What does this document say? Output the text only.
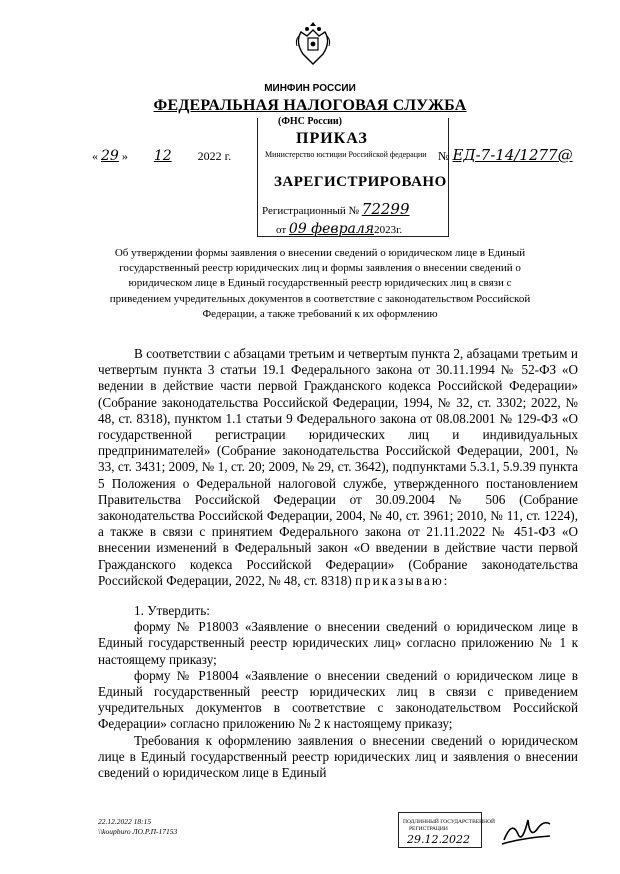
МИНФИН РОССИИ
ФЕДЕРАЛЬНАЯ НАЛОГОВАЯ СЛУЖБА
(ФНС России)
ПРИКАЗ
« 29 » 12 2022 г.	№ ЕД-7-14/1277@
Министерство юстиции Российской федерации
ЗАРЕГИСТРИРОВАНО
Регистрационный № 72299
от 09 февраля2023г.
Об утверждении формы заявления о внесении сведений о юридическом лице в Единый государственный реестр юридических лиц и формы заявления о внесении сведений о юридическом лице в Единый государственный реестр юридических лиц в связи с приведением учредительных документов в соответствие с законодательством Российской Федерации, а также требований к их оформлению

В соответствии с абзацами третьим и четвертым пункта 2, абзацами третьим и четвертым пункта 3 статьи 19.1 Федерального закона от 30.11.1994 № 52-ФЗ «О ведении в действие части первой Гражданского кодекса Российской Федерации» (Собрание законодательства Российской Федерации, 1994, № 32, ст. 3302; 2022, № 48, ст. 8318), пунктом 1.1 статьи 9 Федерального закона от 08.08.2001 № 129-ФЗ «О государственной регистрации юридических лиц и индивидуальных предпринимателей» (Собрание законодательства Российской Федерации, 2001, № 33, ст. 3431; 2009, № 1, ст. 20; 2009, № 29, ст. 3642), подпунктами 5.3.1, 5.9.39 пункта 5 Положения о Федеральной налоговой службе, утвержденного постановлением Правительства Российской Федерации от 30.09.2004 № 506 (Собрание законодательства Российской Федерации, 2004, № 40, ст. 3961; 2010, № 11, ст. 1224), а также в связи с принятием Федерального закона от 21.11.2022 № 451-ФЗ «О внесении изменений в Федеральный закон «О введении в действие части первой Гражданского кодекса Российской Федерации» (Собрание законодательства Российской Федерации, 2022, № 48, ст. 8318) приказываю:

1. Утвердить:

форму № Р18003 «Заявление о внесении сведений о юридическом лице в Единый государственный реестр юридических лиц» согласно приложению № 1 к настоящему приказу;

форму № Р18004 «Заявление о внесении сведений о юридическом лице в Единый государственный реестр юридических лиц в связи с приведением учредительных документов в соответствие с законодательством Российской Федерации» согласно приложению № 2 к настоящему приказу;

Требования к оформлению заявления о внесении сведений о юридическом лице в Единый государственный реестр юридических лиц и заявления о внесении сведений о юридическом лице в Единый

22.12.2022 18:15
\\koupburo ЛО.Р.П-17153
ПОДЛИННЫЙ ГОСУДАРСТВЕННОЙ
РЕГИСТРАЦИИ
29.12.2022
